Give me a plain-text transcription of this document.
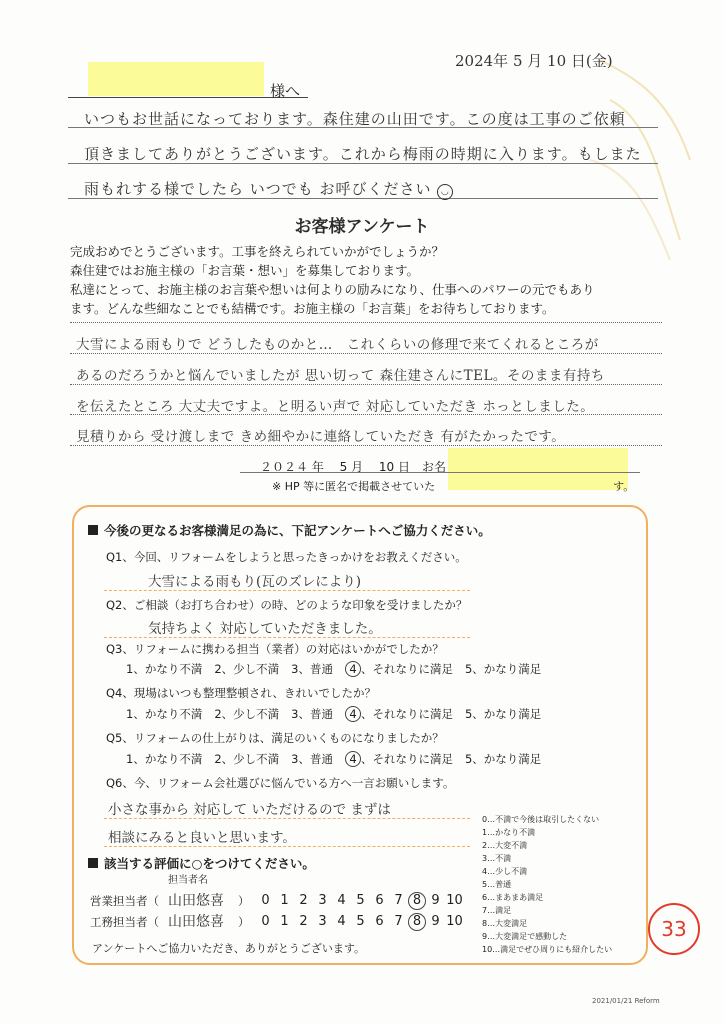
2024年 5 月 10 日(金)
様へ
いつもお世話になっております。森住建の山田です。この度は工事のご依頼
頂きましてありがとうございます。これから梅雨の時期に入ります。もしまた
雨もれする様でしたら いつでも お呼びください ◡
お客様アンケート
完成おめでとうございます。工事を終えられていかがでしょうか？
森住建ではお施主様の「お言葉・想い」を募集しております。
私達にとって、お施主様のお言葉や想いは何よりの励みになり、仕事へのパワーの元でもあり
ます。どんな些細なことでも結構です。お施主様の「お言葉」をお待ちしております。
大雪による雨もりで どうしたものかと…　これくらいの修理で来てくれるところが
あるのだろうかと悩んでいましたが 思い切って 森住建さんにTEL。そのまま有持ち
を伝えたところ 大丈夫ですよ。と明るい声で 対応していただき ホっとしました。
見積りから 受け渡しまで きめ細やかに連絡していただき 有がたかったです。
２０２４ 年　 5 月　 10 日　お名
※ HP 等に匿名で掲載させていた	す。
今後の更なるお客様満足の為に、下記アンケートへご協力ください。
Q1、今回、リフォームをしようと思ったきっかけをお教えください。
大雪による雨もり(瓦のズレにより)
Q2、ご相談（お打ち合わせ）の時、どのような印象を受けましたか？
気持ちよく 対応していただきました。
Q3、リフォームに携わる担当（業者）の対応はいかがでしたか？
1、かなり不満 2、少し不満 3、普通 4 、それなりに満足 5、かなり満足
Q4、現場はいつも整理整頓され、きれいでしたか？
1、かなり不満 2、少し不満 3、普通 4 、それなりに満足 5、かなり満足
Q5、リフォームの仕上がりは、満足のいくものになりましたか？
1、かなり不満 2、少し不満 3、普通 4 、それなりに満足 5、かなり満足
Q6、今、リフォーム会社選びに悩んでいる方へ一言お願いします。
小さな事から 対応して いただけるので まずは
相談にみると良いと思います。
0…不満で今後は取引したくない
1…かなり不満
2…大変不満
3…不満
4…少し不満
5…普通
6…まあまあ満足
7…満足
8…大変満足
9…大変満足で感動した
10…満足でぜひ周りにも紹介したい
該当する評価に○をつけてください。
担当者名
営業担当者（ 山田悠喜 ） 0 1 2 3 4 5 6 7 8 9 10
工務担当者（ 山田悠喜 ） 0 1 2 3 4 5 6 7 8 9 10
アンケートへご協力いただき、ありがとうございます。
33
2021/01/21 Reform
